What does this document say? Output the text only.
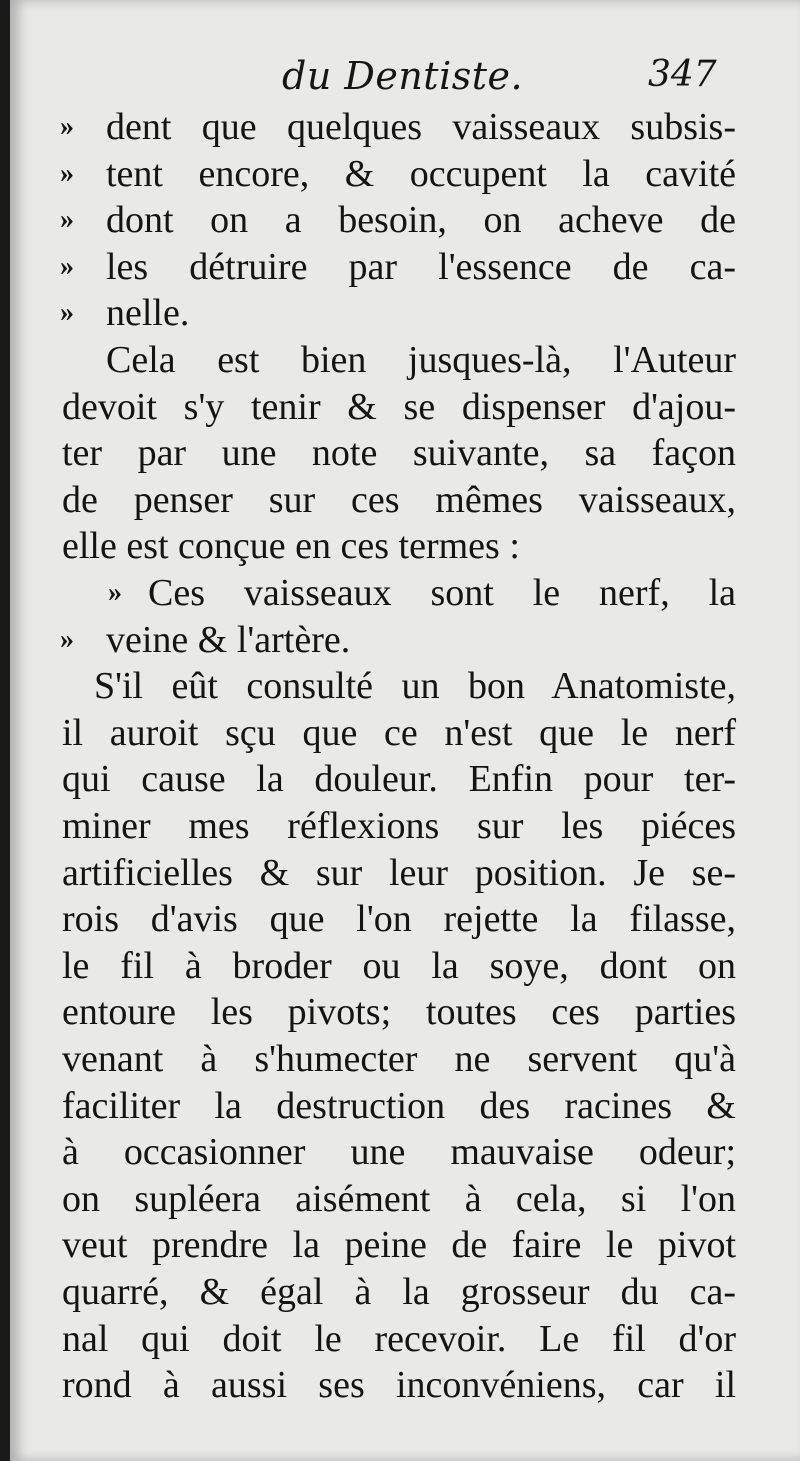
du Dentiste.	347
» dent que quelques vaisseaux subsis-
» tent encore, & occupent la cavité
» dont on a besoin, on acheve de
» les détruire par l'essence de ca-
» nelle.
Cela est bien jusques-là, l'Auteur
devoit s'y tenir & se dispenser d'ajou-
ter par une note suivante, sa façon
de penser sur ces mêmes vaisseaux,
elle est conçue en ces termes :
» Ces vaisseaux sont le nerf, la
» veine & l'artère.
S'il eût consulté un bon Anatomiste,
il auroit sçu que ce n'est que le nerf
qui cause la douleur. Enfin pour ter-
miner mes réflexions sur les piéces
artificielles & sur leur position. Je se-
rois d'avis que l'on rejette la filasse,
le fil à broder ou la soye, dont on
entoure les pivots; toutes ces parties
venant à s'humecter ne servent qu'à
faciliter la destruction des racines &
à occasionner une mauvaise odeur;
on supléera aisément à cela, si l'on
veut prendre la peine de faire le pivot
quarré, & égal à la grosseur du ca-
nal qui doit le recevoir. Le fil d'or
rond à aussi ses inconvéniens, car il
